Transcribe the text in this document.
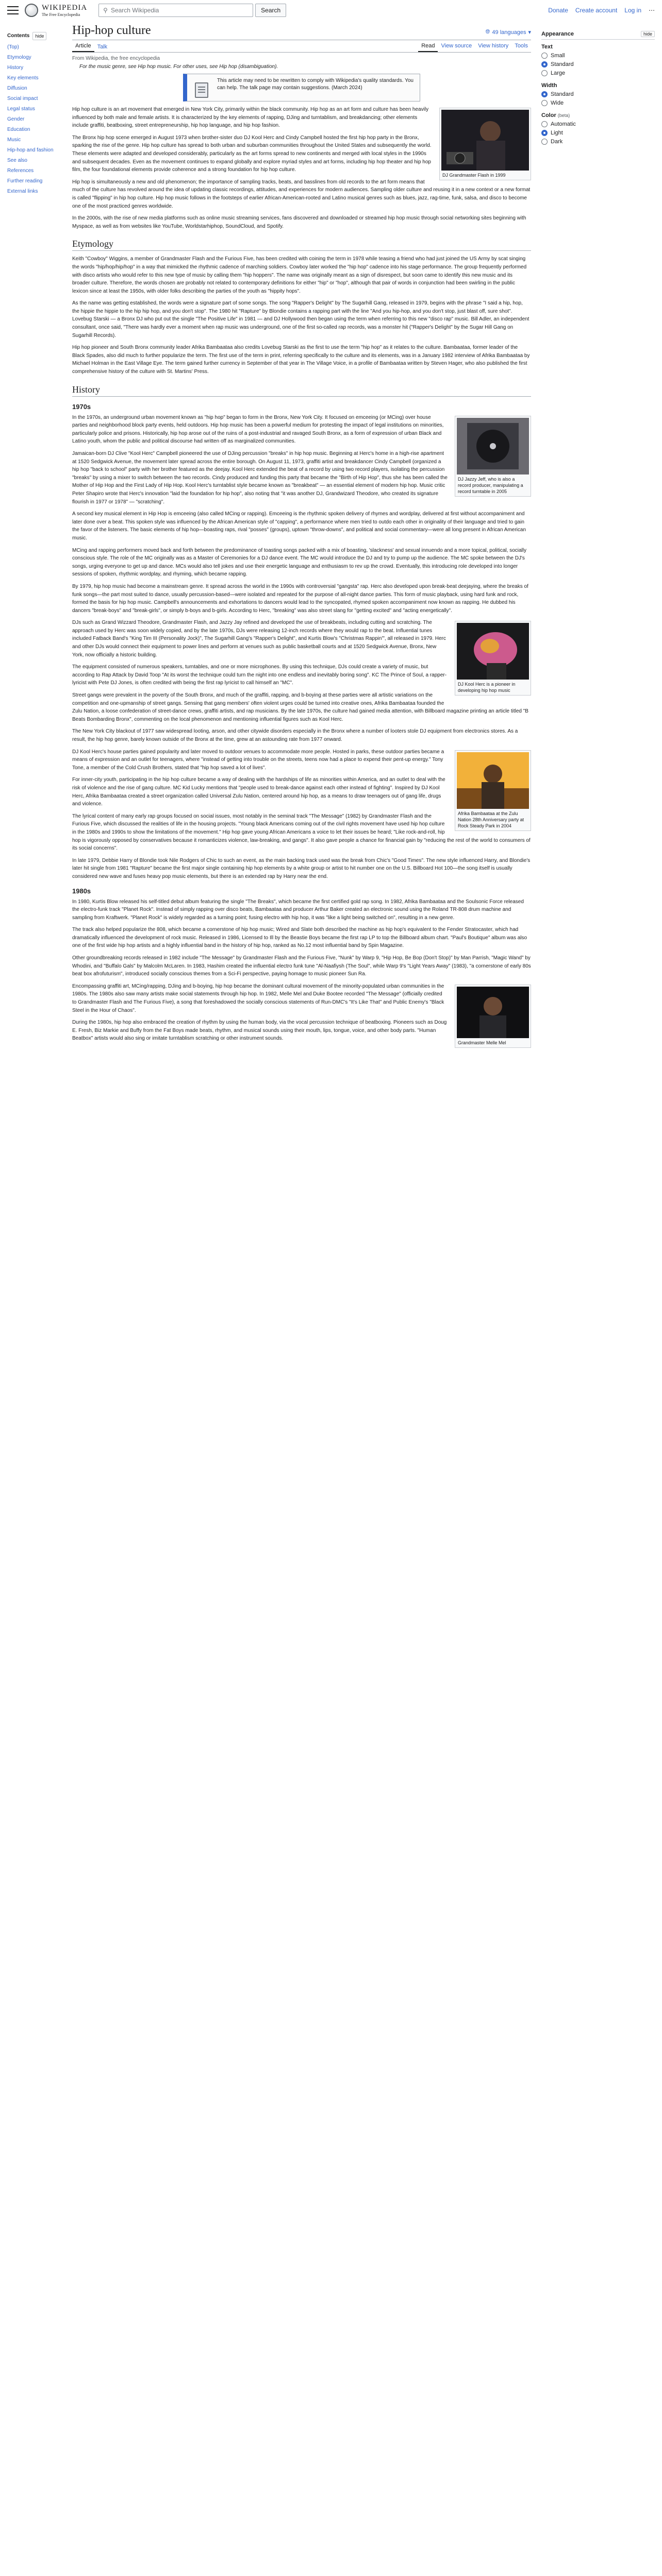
WIKIPEDIA
The Free Encyclopedia
⚲ Search Wikipedia	Search	Donate Create account Log in ⋯
Contents	hide
(Top)
Etymology
History
Key elements
Diffusion
Social impact
Legal status
Gender
Education
Music
Hip-hop and fashion
See also
References
Further reading
External links
Hip-hop culture	🌐︎ 49 languages ▾
Article	Talk	Read	View source	View history	Tools
From Wikipedia, the free encyclopedia
For the music genre, see Hip hop music. For other uses, see Hip hop (disambiguation).
This article may need to be rewritten to comply with Wikipedia's quality standards. You can help. The talk page may contain suggestions. (March 2024)
DJ Grandmaster Flash in 1999

Hip hop culture is an art movement that emerged in New York City, primarily within the black community. Hip hop as an art form and culture has been heavily influenced by both male and female artists. It is characterized by the key elements of rapping, DJing and turntablism, and breakdancing; other elements include graffiti, beatboxing, street entrepreneurship, hip hop language, and hip hop fashion.

The Bronx hip hop scene emerged in August 1973 when brother-sister duo DJ Kool Herc and Cindy Campbell hosted the first hip hop party in the Bronx, sparking the rise of the genre. Hip hop culture has spread to both urban and suburban communities throughout the United States and subsequently the world. These elements were adapted and developed considerably, particularly as the art forms spread to new continents and merged with local styles in the 1990s and subsequent decades. Even as the movement continues to expand globally and explore myriad styles and art forms, including hip hop theater and hip hop film, the four foundational elements provide coherence and a strong foundation for hip hop culture.

Hip hop is simultaneously a new and old phenomenon; the importance of sampling tracks, beats, and basslines from old records to the art form means that much of the culture has revolved around the idea of updating classic recordings, attitudes, and experiences for modern audiences. Sampling older culture and reusing it in a new context or a new format is called "flipping" in hip hop culture. Hip hop music follows in the footsteps of earlier African-American-rooted and Latino musical genres such as blues, jazz, rag-time, funk, salsa, and disco to become one of the most practiced genres worldwide.

In the 2000s, with the rise of new media platforms such as online music streaming services, fans discovered and downloaded or streamed hip hop music through social networking sites beginning with Myspace, as well as from websites like YouTube, Worldstarhiphop, SoundCloud, and Spotify.

Etymology

Keith "Cowboy" Wiggins, a member of Grandmaster Flash and the Furious Five, has been credited with coining the term in 1978 while teasing a friend who had just joined the US Army by scat singing the words "hip/hop/hip/hop" in a way that mimicked the rhythmic cadence of marching soldiers. Cowboy later worked the "hip hop" cadence into his stage performance. The group frequently performed with disco artists who would refer to this new type of music by calling them "hip hoppers". The name was originally meant as a sign of disrespect, but soon came to identify this new music and its broader culture. Therefore, the words chosen are probably not related to contemporary definitions for either "hip" or "hop", although that pair of words in conjunction had been swirling in the public lexicon since at least the 1950s, with older folks describing the parties of the youth as "hippity hops".

As the name was getting established, the words were a signature part of some songs. The song "Rapper's Delight" by The Sugarhill Gang, released in 1979, begins with the phrase "I said a hip, hop, the hippie the hippie to the hip hip hop, and you don't stop". The 1980 hit "Rapture" by Blondie contains a rapping part with the line "And you hip-hop, and you don't stop, just blast off, sure shot". Lovebug Starski — a Bronx DJ who put out the single "The Positive Life" in 1981 — and DJ Hollywood then began using the term when referring to this new "disco rap" music. Bill Adler, an independent consultant, once said, "There was hardly ever a moment when rap music was underground, one of the first so-called rap records, was a monster hit ("Rapper's Delight" by the Sugar Hill Gang on Sugarhill Records).

Hip hop pioneer and South Bronx community leader Afrika Bambaataa also credits Lovebug Starski as the first to use the term "hip hop" as it relates to the culture. Bambaataa, former leader of the Black Spades, also did much to further popularize the term. The first use of the term in print, referring specifically to the culture and its elements, was in a January 1982 interview of Afrika Bambaataa by Michael Holman in the East Village Eye. The term gained further currency in September of that year in The Village Voice, in a profile of Bambaataa written by Steven Hager, who also published the first comprehensive history of the culture with St. Martins' Press.

History
1970s
DJ Jazzy Jeff, who is also a record producer, manipulating a record turntable in 2005

In the 1970s, an underground urban movement known as "hip hop" began to form in the Bronx, New York City. It focused on emceeing (or MCing) over house parties and neighborhood block party events, held outdoors. Hip hop music has been a powerful medium for protesting the impact of legal institutions on minorities, particularly police and prisons. Historically, hip hop arose out of the ruins of a post-industrial and ravaged South Bronx, as a form of expression of urban Black and Latino youth, whom the public and political discourse had written off as marginalized communities.

Jamaican-born DJ Clive "Kool Herc" Campbell pioneered the use of DJing percussion "breaks" in hip hop music. Beginning at Herc's home in a high-rise apartment at 1520 Sedgwick Avenue, the movement later spread across the entire borough. On August 11, 1973, graffiti artist and breakdancer Cindy Campbell (organized a hip hop "back to school" party with her brother featured as the deejay. Kool Herc extended the beat of a record by using two record players, isolating the percussion "breaks" by using a mixer to switch between the two records. Cindy produced and funding this party that became the "Birth of Hip Hop", thus she has been called the Mother of Hip Hop and the First Lady of Hip Hop. Kool Herc's turntablist style became known as "breakbeat" — an essential element of modern hip hop. Music critic Peter Shapiro wrote that Herc's innovation "laid the foundation for hip hop", also noting that "it was another DJ, Grandwizard Theodore, who created its signature flourish in 1977 or 1978" — "scratching".

A second key musical element in Hip Hop is emceeing (also called MCing or rapping). Emceeing is the rhythmic spoken delivery of rhymes and wordplay, delivered at first without accompaniment and later done over a beat. This spoken style was influenced by the African American style of "capping", a performance where men tried to outdo each other in originality of their language and tried to gain the favor of the listeners. The basic elements of hip hop—boasting raps, rival "posses" (groups), uptown "throw-downs", and political and social commentary—were all long present in African American music.

MCing and rapping performers moved back and forth between the predominance of toasting songs packed with a mix of boasting, 'slackness' and sexual innuendo and a more topical, political, socially conscious style. The role of the MC originally was as a Master of Ceremonies for a DJ dance event. The MC would introduce the DJ and try to pump up the audience. The MC spoke between the DJ's songs, urging everyone to get up and dance. MCs would also tell jokes and use their energetic language and enthusiasm to rev up the crowd. Eventually, this introducing role developed into longer sessions of spoken, rhythmic wordplay, and rhyming, which became rapping.

By 1979, hip hop music had become a mainstream genre. It spread across the world in the 1990s with controversial "gangsta" rap. Herc also developed upon break-beat deejaying, where the breaks of funk songs—the part most suited to dance, usually percussion-based—were isolated and repeated for the purpose of all-night dance parties. This form of music playback, using hard funk and rock, formed the basis for hip hop music. Campbell's announcements and exhortations to dancers would lead to the syncopated, rhymed spoken accompaniment now known as rapping. He dubbed his dancers "break-boys" and "break-girls", or simply b-boys and b-girls. According to Herc, "breaking" was also street slang for "getting excited" and "acting energetically".

DJ Kool Herc is a pioneer in developing hip hop music

DJs such as Grand Wizzard Theodore, Grandmaster Flash, and Jazzy Jay refined and developed the use of breakbeats, including cutting and scratching. The approach used by Herc was soon widely copied, and by the late 1970s, DJs were releasing 12-inch records where they would rap to the beat. Influential tunes included Fatback Band's "King Tim III (Personality Jock)", The Sugarhill Gang's "Rapper's Delight", and Kurtis Blow's "Christmas Rappin'", all released in 1979. Herc and other DJs would connect their equipment to power lines and perform at venues such as public basketball courts and at 1520 Sedgwick Avenue, Bronx, New York, now officially a historic building.

The equipment consisted of numerous speakers, turntables, and one or more microphones. By using this technique, DJs could create a variety of music, but according to Rap Attack by David Toop "At its worst the technique could turn the night into one endless and inevitably boring song". KC The Prince of Soul, a rapper-lyricist with Pete DJ Jones, is often credited with being the first rap lyricist to call himself an "MC".

Street gangs were prevalent in the poverty of the South Bronx, and much of the graffiti, rapping, and b-boying at these parties were all artistic variations on the competition and one-upmanship of street gangs. Sensing that gang members' often violent urges could be turned into creative ones, Afrika Bambaataa founded the Zulu Nation, a loose confederation of street-dance crews, graffiti artists, and rap musicians. By the late 1970s, the culture had gained media attention, with Billboard magazine printing an article titled "B Beats Bombarding Bronx", commenting on the local phenomenon and mentioning influential figures such as Kool Herc.

The New York City blackout of 1977 saw widespread looting, arson, and other citywide disorders especially in the Bronx where a number of looters stole DJ equipment from electronics stores. As a result, the hip hop genre, barely known outside of the Bronx at the time, grew at an astounding rate from 1977 onward.

Afrika Bambaataa at the Zulu Nation 28th Anniversary party at Rock Steady Park in 2004

DJ Kool Herc's house parties gained popularity and later moved to outdoor venues to accommodate more people. Hosted in parks, these outdoor parties became a means of expression and an outlet for teenagers, where "instead of getting into trouble on the streets, teens now had a place to expend their pent-up energy." Tony Tone, a member of the Cold Crush Brothers, stated that "hip hop saved a lot of lives".

For inner-city youth, participating in the hip hop culture became a way of dealing with the hardships of life as minorities within America, and an outlet to deal with the risk of violence and the rise of gang culture. MC Kid Lucky mentions that "people used to break-dance against each other instead of fighting". Inspired by DJ Kool Herc, Afrika Bambaataa created a street organization called Universal Zulu Nation, centered around hip hop, as a means to draw teenagers out of gang life, drugs and violence.

The lyrical content of many early rap groups focused on social issues, most notably in the seminal track "The Message" (1982) by Grandmaster Flash and the Furious Five, which discussed the realities of life in the housing projects. "Young black Americans coming out of the civil rights movement have used hip hop culture in the 1980s and 1990s to show the limitations of the movement." Hip hop gave young African Americans a voice to let their issues be heard; "Like rock-and-roll, hip hop is vigorously opposed by conservatives because it romanticizes violence, law-breaking, and gangs". It also gave people a chance for financial gain by "reducing the rest of the world to consumers of its social concerns".

In late 1979, Debbie Harry of Blondie took Nile Rodgers of Chic to such an event, as the main backing track used was the break from Chic's "Good Times". The new style influenced Harry, and Blondie's later hit single from 1981 "Rapture" became the first major single containing hip hop elements by a white group or artist to hit number one on the U.S. Billboard Hot 100—the song itself is usually considered new wave and fuses heavy pop music elements, but there is an extended rap by Harry near the end.

1980s

In 1980, Kurtis Blow released his self-titled debut album featuring the single "The Breaks", which became the first certified gold rap song. In 1982, Afrika Bambaataa and the Soulsonic Force released the electro-funk track "Planet Rock". Instead of simply rapping over disco beats, Bambaataa and producer Arthur Baker created an electronic sound using the Roland TR-808 drum machine and sampling from Kraftwerk. "Planet Rock" is widely regarded as a turning point; fusing electro with hip hop, it was "like a light being switched on", resulting in a new genre.

The track also helped popularize the 808, which became a cornerstone of hip hop music; Wired and Slate both described the machine as hip hop's equivalent to the Fender Stratocaster, which had dramatically influenced the development of rock music. Released in 1986, Licensed to Ill by the Beastie Boys became the first rap LP to top the Billboard album chart. "Paul's Boutique" album was also one of the first wide hip hop artists and a highly influential band in the history of hip hop, ranked as No.12 most influential band by Spin Magazine.

Other groundbreaking records released in 1982 include "The Message" by Grandmaster Flash and the Furious Five, "Nunk" by Warp 9, "Hip Hop, Be Bop (Don't Stop)" by Man Parrish, "Magic Wand" by Whodini, and "Buffalo Gals" by Malcolm McLaren. In 1983, Hashim created the influential electro funk tune "Al-Naafiysh (The Soul", while Warp 9's "Light Years Away" (1983), "a cornerstone of early 80s beat box afrofuturism", introduced socially conscious themes from a Sci-Fi perspective, paying homage to music pioneer Sun Ra.

Grandmaster Melle Mel

Encompassing graffiti art, MCing/rapping, DJing and b-boying, hip hop became the dominant cultural movement of the minority-populated urban communities in the 1980s. The 1980s also saw many artists make social statements through hip hop. In 1982, Melle Mel and Duke Bootee recorded "The Message" (officially credited to Grandmaster Flash and The Furious Five), a song that foreshadowed the socially conscious statements of Run-DMC's "It's Like That" and Public Enemy's "Black Steel in the Hour of Chaos".

During the 1980s, hip hop also embraced the creation of rhythm by using the human body, via the vocal percussion technique of beatboxing. Pioneers such as Doug E. Fresh, Biz Markie and Buffy from the Fat Boys made beats, rhythm, and musical sounds using their mouth, lips, tongue, voice, and other body parts. "Human Beatbox" artists would also sing or imitate turntablism scratching or other instrument sounds.

Appearance	hide
Text
Small
Standard
Large
Width
Standard
Wide
Color (beta)
Automatic
Light
Dark
